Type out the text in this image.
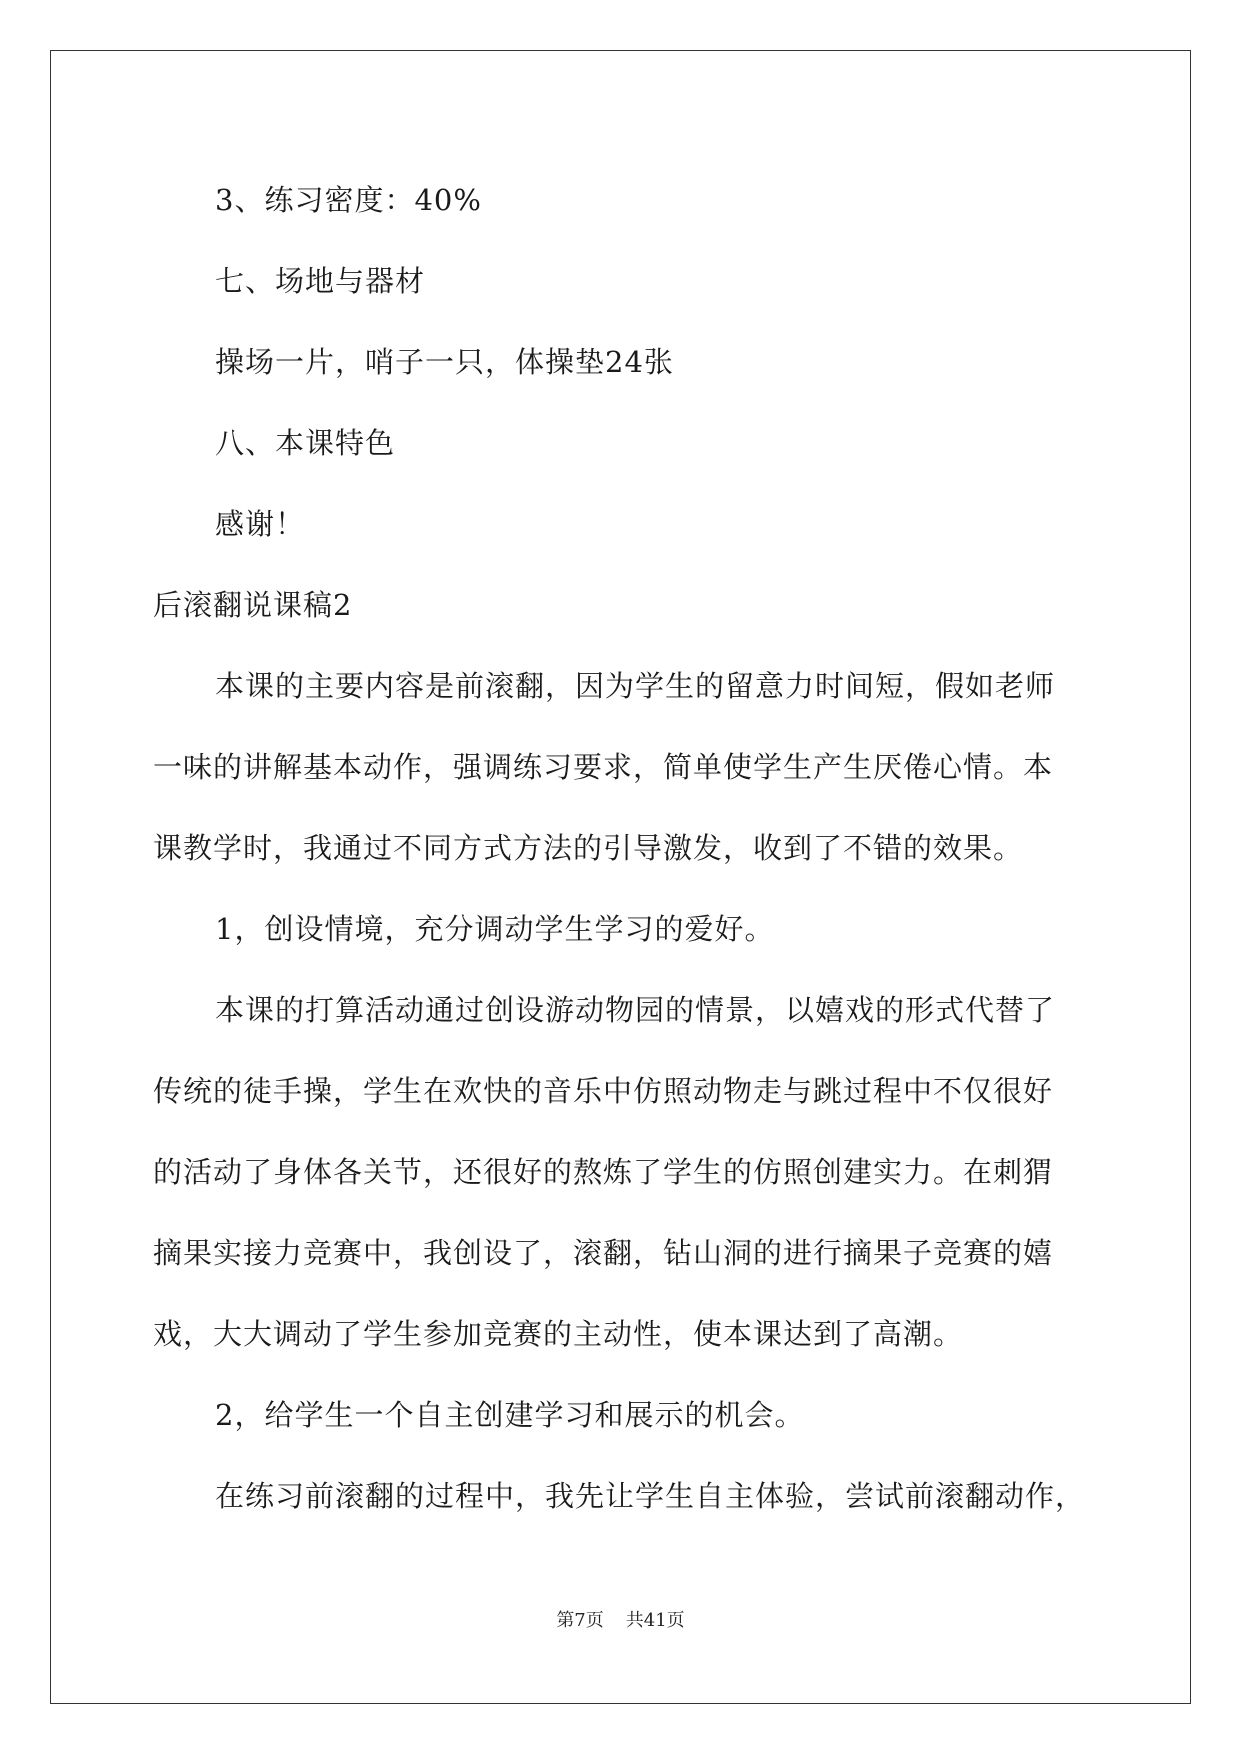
3、练习密度：40%
七、场地与器材
操场一片，哨子一只，体操垫24张
八、本课特色
感谢！
后滚翻说课稿2
本课的主要内容是前滚翻，因为学生的留意力时间短，假如老师
一味的讲解基本动作，强调练习要求，简单使学生产生厌倦心情。本
课教学时，我通过不同方式方法的引导激发，收到了不错的效果。
1，创设情境，充分调动学生学习的爱好。
本课的打算活动通过创设游动物园的情景，以嬉戏的形式代替了
传统的徒手操，学生在欢快的音乐中仿照动物走与跳过程中不仅很好
的活动了身体各关节，还很好的熬炼了学生的仿照创建实力。在刺猬
摘果实接力竞赛中，我创设了，滚翻，钻山洞的进行摘果子竞赛的嬉
戏，大大调动了学生参加竞赛的主动性，使本课达到了高潮。
2，给学生一个自主创建学习和展示的机会。
在练习前滚翻的过程中，我先让学生自主体验，尝试前滚翻动作，
第7页 共41页
